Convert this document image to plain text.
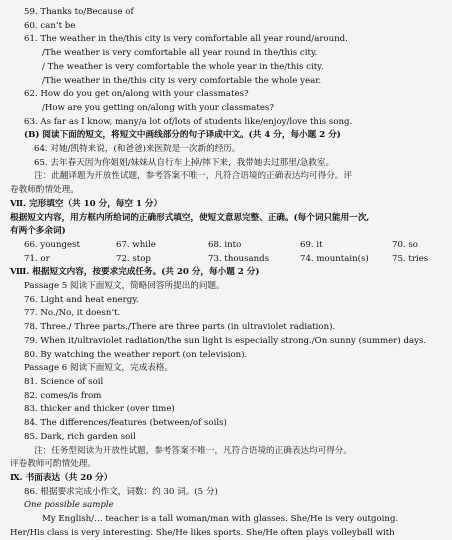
59. Thanks to/Because of
60. can’t be
61. The weather in the/this city is very comfortable all year round/around.
/The weather is very comfortable all year round in the/this city.
/ The weather is very comfortable the whole year in the/this city.
/The weather in the/this city is very comfortable the whole year.
62. How do you get on/along with your classmates?
/How are you getting on/along with your classmates?
63. As far as I know, many/a lot of/lots of students like/enjoy/love this song.
(B) 阅读下面的短文，将短文中画线部分的句子译成中文。(共 4 分，每小题 2 分)
64. 对她/凯特来说，(和爸爸)来医院是一次新的经历。
65. 去年春天因为你姐姐/妹妹从自行车上掉/摔下来，我带她去过那里/急救室。
注：此翻译题为开放性试题，参考答案不唯一，凡符合语境的正确表达均可得分。评
卷教师酌情处理。
Ⅶ. 完形填空（共 10 分，每空 1 分）
根据短文内容，用方框内所给词的正确形式填空，使短文意思完整、正确。(每个词只能用一次,
有两个多余词)
66. youngest	67. while	68. into	69. it	70. so
71. or	72. stop	73. thousands	74. mountain(s)	75. tries
Ⅷ. 根据短文内容，按要求完成任务。(共 20 分，每小题 2 分)
Passage 5 阅读下面短文，简略回答所提出的问题。
76. Light and heat energy.
77. No./No, it doesn’t.
78. Three./ Three parts./There are three parts (in ultraviolet radiation).
79. When it/ultraviolet radiation/the sun light is especially strong./On sunny (summer) days.
80. By watching the weather report (on television).
Passage 6 阅读下面短文，完成表格。
81. Science of soil
82. comes/is from
83. thicker and thicker (over time)
84. The differences/features (between/of soils)
85. Dark, rich garden soil
注：任务型阅读为开放性试题，参考答案不唯一，凡符合语境的正确表达均可得分。
评卷教师可酌情处理。
Ⅸ. 书面表达（共 20 分）
86. 根据要求完成小作文，词数：约 30 词。(5 分)
One possible sample
My English/… teacher is a tall woman/man with glasses. She/He is very outgoing.
Her/His class is very interesting. She/He likes sports. She/He often plays volleyball with
